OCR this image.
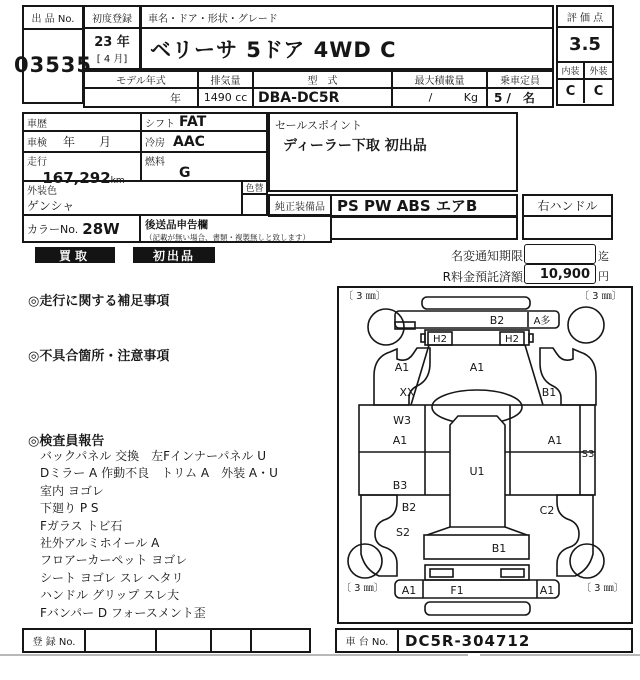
出 品 No.
03535
初度登録
23 年
[ 4 月]
車名・ドア・形状・グレード
ベリーサ 5ドア 4WD C
モデル年式
年
排気量
1490 cc
型　式
DBA-DC5R
最大積載量
/         Kg
乗車定員
5 /　名
評 価 点
3.5
内装	外装
C	C
車歴	シフト FAT
車検	年　　月	冷房 AAC
走行
167,292km
燃料
G
外装色
ゲンシャ
色替
カラーNo. 28W 後送品申告欄
（記載が無い場合、書類・複製無しと致します）
セールスポイント
ディーラー下取 初出品
純正装備品 PS PW ABS エアB	右ハンドル
買取	初出品	名変通知期限	迄
R料金預託済額	10,900 円
◎走行に関する補足事項
◎不具合箇所・注意事項
◎検査員報告
バックパネル 交換　左Fインナーパネル U
Dミラー A 作動不良　トリム A　外装 A・U
室内 ヨゴレ
下廻り P S
Fガラス トビ石
社外アルミホイール A
フロアーカーペット ヨゴレ
シート ヨゴレ スレ ヘタリ
ハンドル グリップ スレ大
Fバンパー D フォースメント歪
〔 3 ㎜〕	〔 3 ㎜〕
〔 3 ㎜〕	〔 3 ㎜〕
B2	A多
H2	H2
A1	A1
XX	B1
W3
A1	A1
S3
U1
B3
B2	C2
S2
B1
A1	F1	A1
登 録 No.	車 台 No.	DC5R-304712
